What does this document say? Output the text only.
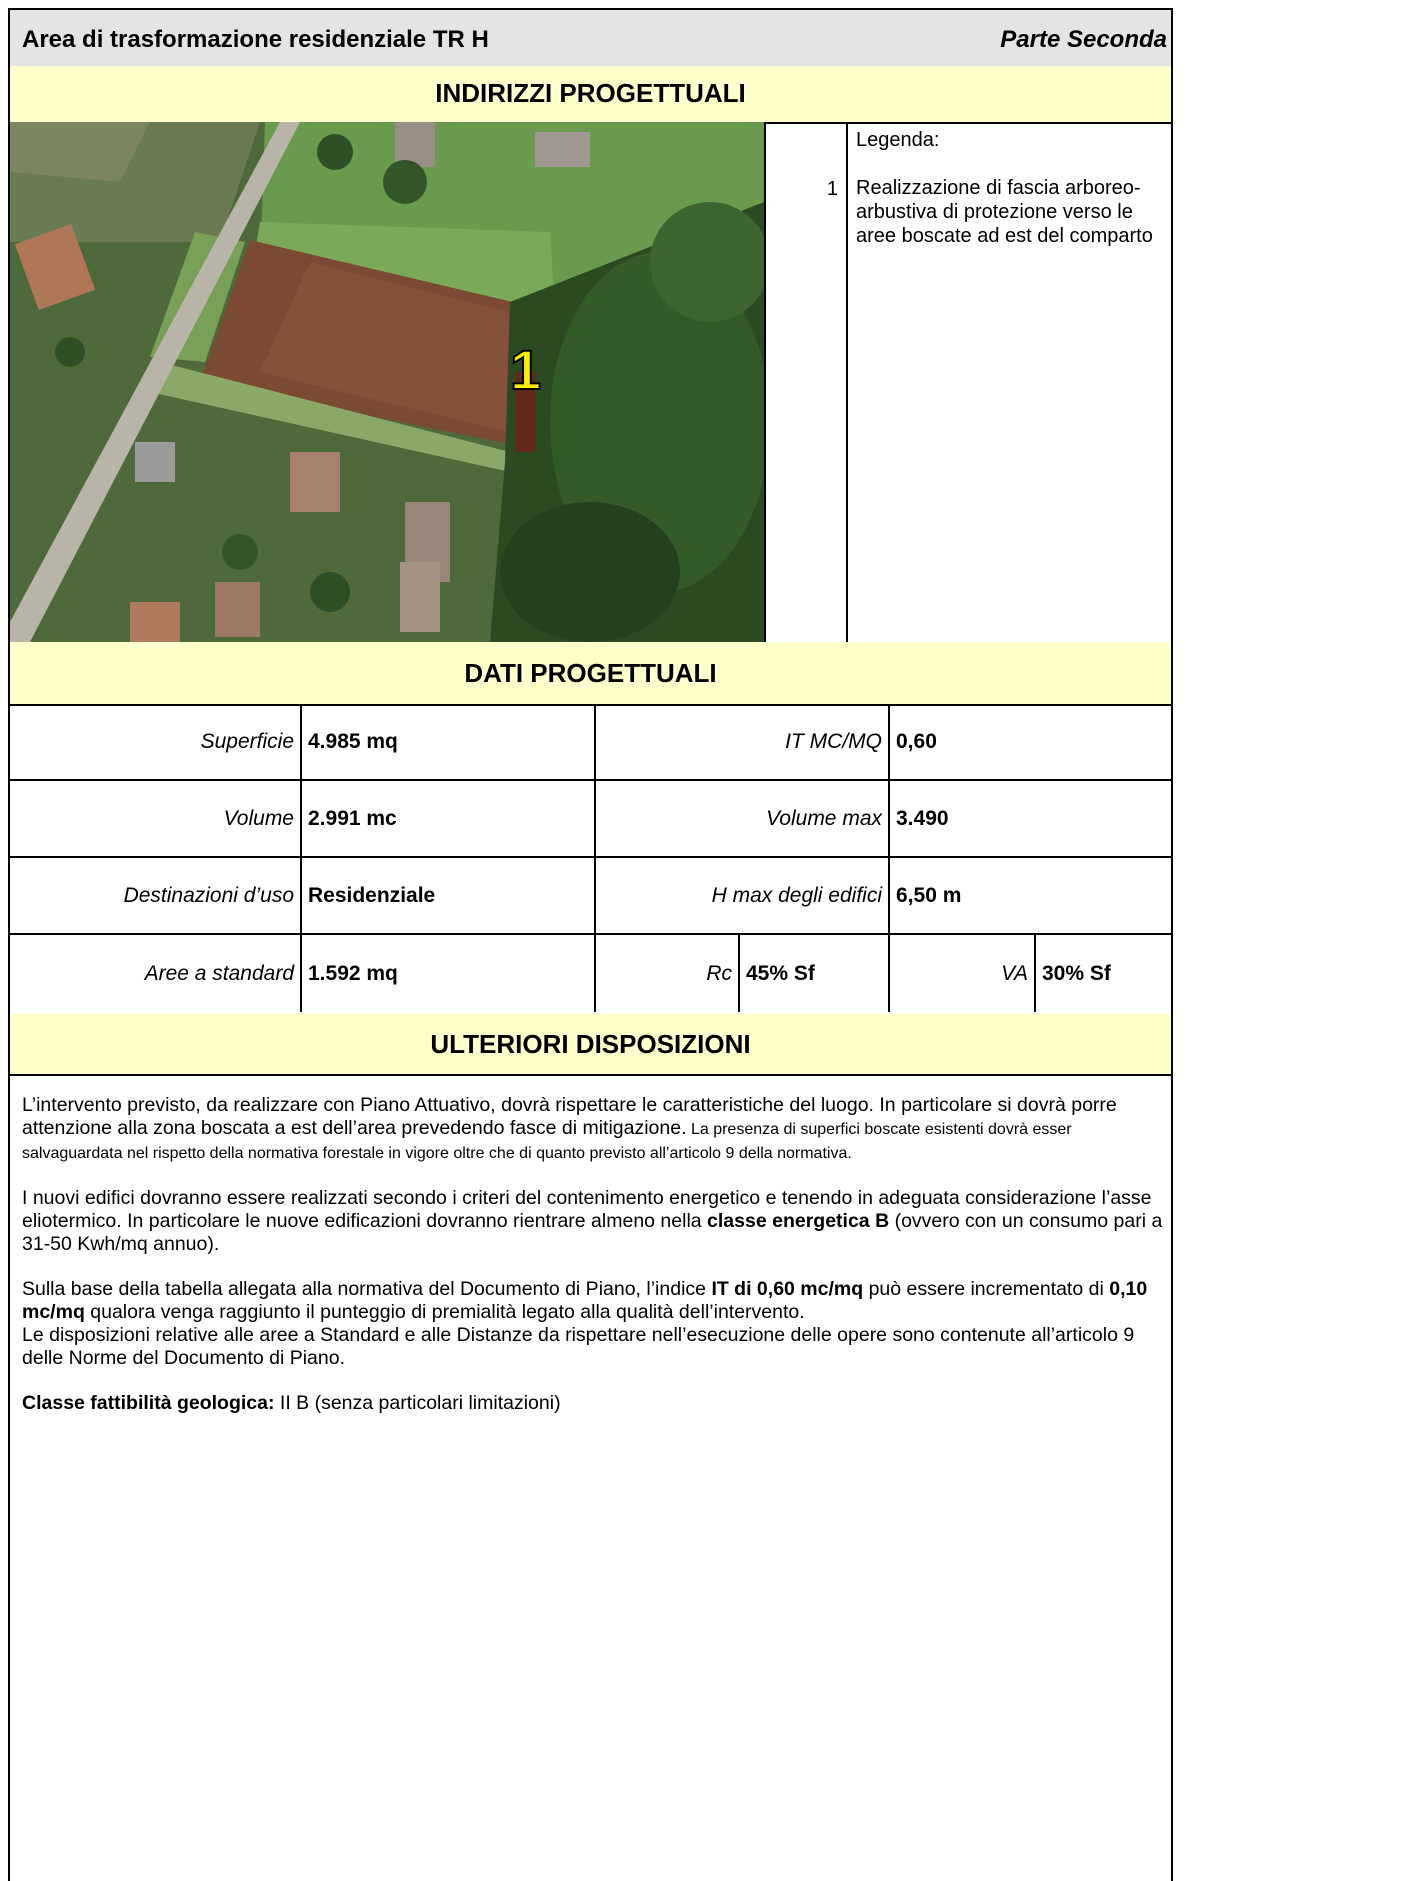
Area di trasformazione residenziale TR H	Parte Seconda
INDIRIZZI PROGETTUALI
1
1
Legenda:
Realizzazione di fascia arboreo-arbustiva di protezione verso le aree boscate ad est del comparto
DATI PROGETTUALI
Superficie 4.985 mq	IT MC/MQ 0,60
Volume 2.991 mc	Volume max 3.490
Destinazioni d’uso Residenziale	H max degli edifici 6,50 m
Aree a standard 1.592 mq	Rc 45% Sf	VA 30% Sf
ULTERIORI DISPOSIZIONI

L’intervento previsto, da realizzare con Piano Attuativo, dovrà rispettare le caratteristiche del luogo. In particolare si dovrà porre attenzione alla zona boscata a est dell’area prevedendo fasce di mitigazione. La presenza di superfici boscate esistenti dovrà esser salvaguardata nel rispetto della normativa forestale in vigore oltre che di quanto previsto all’articolo 9 della normativa.

I nuovi edifici dovranno essere realizzati secondo i criteri del contenimento energetico e tenendo in adeguata considerazione l’asse eliotermico. In particolare le nuove edificazioni dovranno rientrare almeno nella classe energetica B (ovvero con un consumo pari a 31-50 Kwh/mq annuo).

Sulla base della tabella allegata alla normativa del Documento di Piano, l’indice IT di 0,60 mc/mq può essere incrementato di 0,10 mc/mq qualora venga raggiunto il punteggio di premialità legato alla qualità dell’intervento.

Le disposizioni relative alle aree a Standard e alle Distanze da rispettare nell’esecuzione delle opere sono contenute all’articolo 9 delle Norme del Documento di Piano.

Classe fattibilità geologica: II B (senza particolari limitazioni)
